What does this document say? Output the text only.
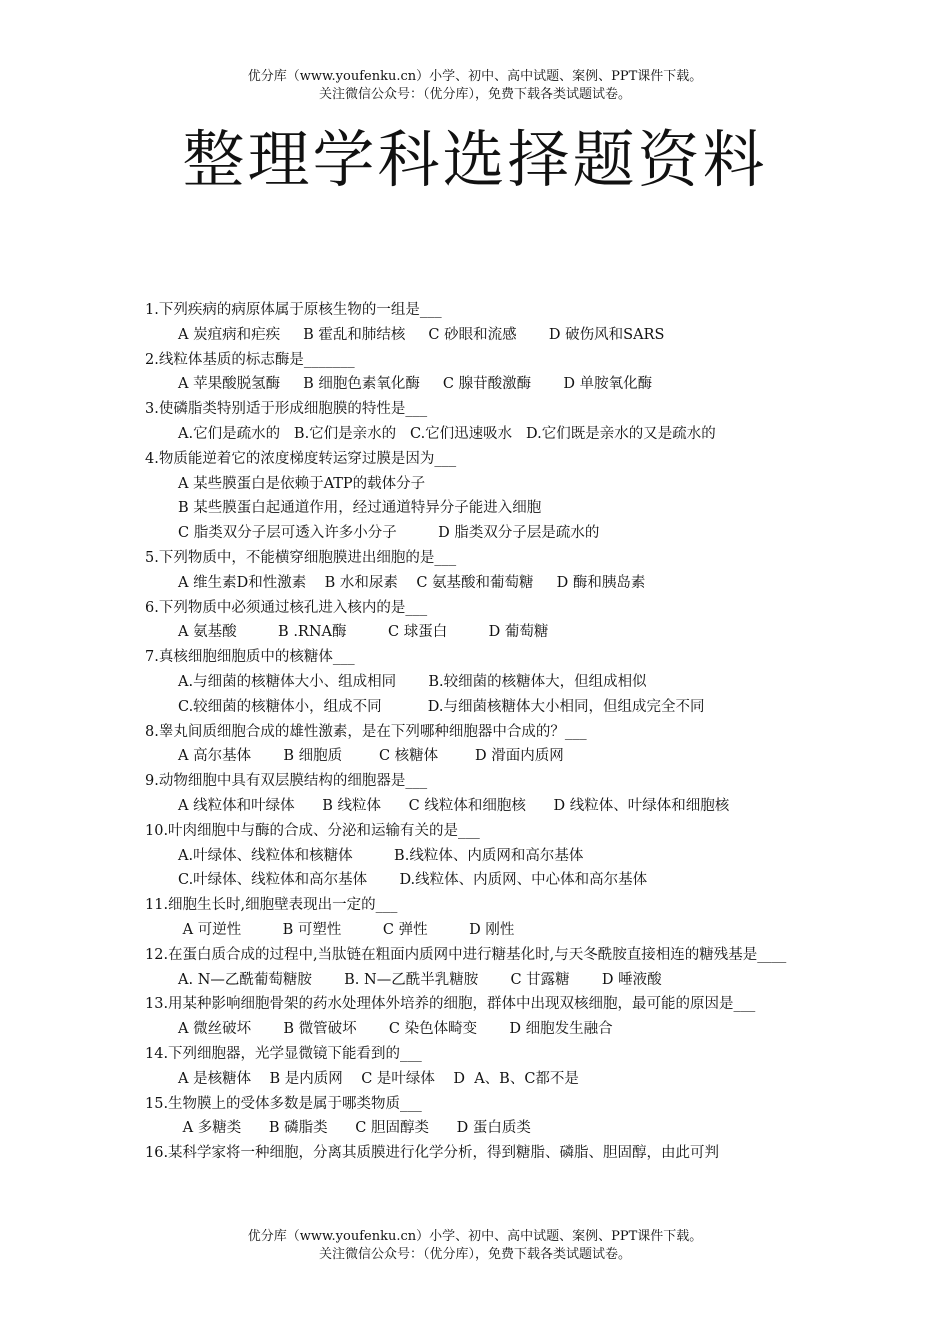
优分库（www.youfenku.cn）小学、初中、高中试题、案例、PPT课件下载。
关注微信公众号：（优分库），免费下载各类试题试卷。
整理学科选择题资料

1.下列疾病的病原体属于原核生物的一组是___

A 炭疽病和疟疾     B 霍乱和肺结核     C 砂眼和流感       D 破伤风和SARS

2.线粒体基质的标志酶是_______

A 苹果酸脱氢酶     B 细胞色素氧化酶     C 腺苷酸激酶       D 单胺氧化酶

3.使磷脂类特别适于形成细胞膜的特性是___

A.它们是疏水的   B.它们是亲水的   C.它们迅速吸水   D.它们既是亲水的又是疏水的

4.物质能逆着它的浓度梯度转运穿过膜是因为___

A 某些膜蛋白是依赖于ATP的载体分子

B 某些膜蛋白起通道作用，经过通道特异分子能进入细胞

C 脂类双分子层可透入许多小分子         D 脂类双分子层是疏水的

5.下列物质中，不能横穿细胞膜进出细胞的是___

A 维生素D和性激素    B 水和尿素    C 氨基酸和葡萄糖     D 酶和胰岛素

6.下列物质中必须通过核孔进入核内的是___

A 氨基酸         B .RNA酶         C 球蛋白         D 葡萄糖

7.真核细胞细胞质中的核糖体___

A.与细菌的核糖体大小、组成相同       B.较细菌的核糖体大，但组成相似

C.较细菌的核糖体小，组成不同          D.与细菌核糖体大小相同，但组成完全不同

8.睾丸间质细胞合成的雄性激素，是在下列哪种细胞器中合成的？___

A 高尔基体       B 细胞质        C 核糖体        D 滑面内质网

9.动物细胞中具有双层膜结构的细胞器是___

A 线粒体和叶绿体      B 线粒体      C 线粒体和细胞核      D 线粒体、叶绿体和细胞核

10.叶肉细胞中与酶的合成、分泌和运输有关的是___

A.叶绿体、线粒体和核糖体         B.线粒体、内质网和高尔基体

C.叶绿体、线粒体和高尔基体       D.线粒体、内质网、中心体和高尔基体

11.细胞生长时,细胞壁表现出一定的___

A 可逆性         B 可塑性         C 弹性         D 刚性

12.在蛋白质合成的过程中,当肽链在粗面内质网中进行糖基化时,与天冬酰胺直接相连的糖残基是____

A. N—乙酰葡萄糖胺       B. N—乙酰半乳糖胺       C 甘露糖       D 唾液酸

13.用某种影响细胞骨架的药水处理体外培养的细胞，群体中出现双核细胞，最可能的原因是___

A 微丝破坏       B 微管破坏       C 染色体畸变       D 细胞发生融合

14.下列细胞器，光学显微镜下能看到的___

A 是核糖体    B 是内质网    C 是叶绿体    D  A、B、C都不是

15.生物膜上的受体多数是属于哪类物质___

A 多糖类      B 磷脂类      C 胆固醇类      D 蛋白质类

16.某科学家将一种细胞，分离其质膜进行化学分析，得到糖脂、磷脂、胆固醇，由此可判

优分库（www.youfenku.cn）小学、初中、高中试题、案例、PPT课件下载。
关注微信公众号：（优分库），免费下载各类试题试卷。
